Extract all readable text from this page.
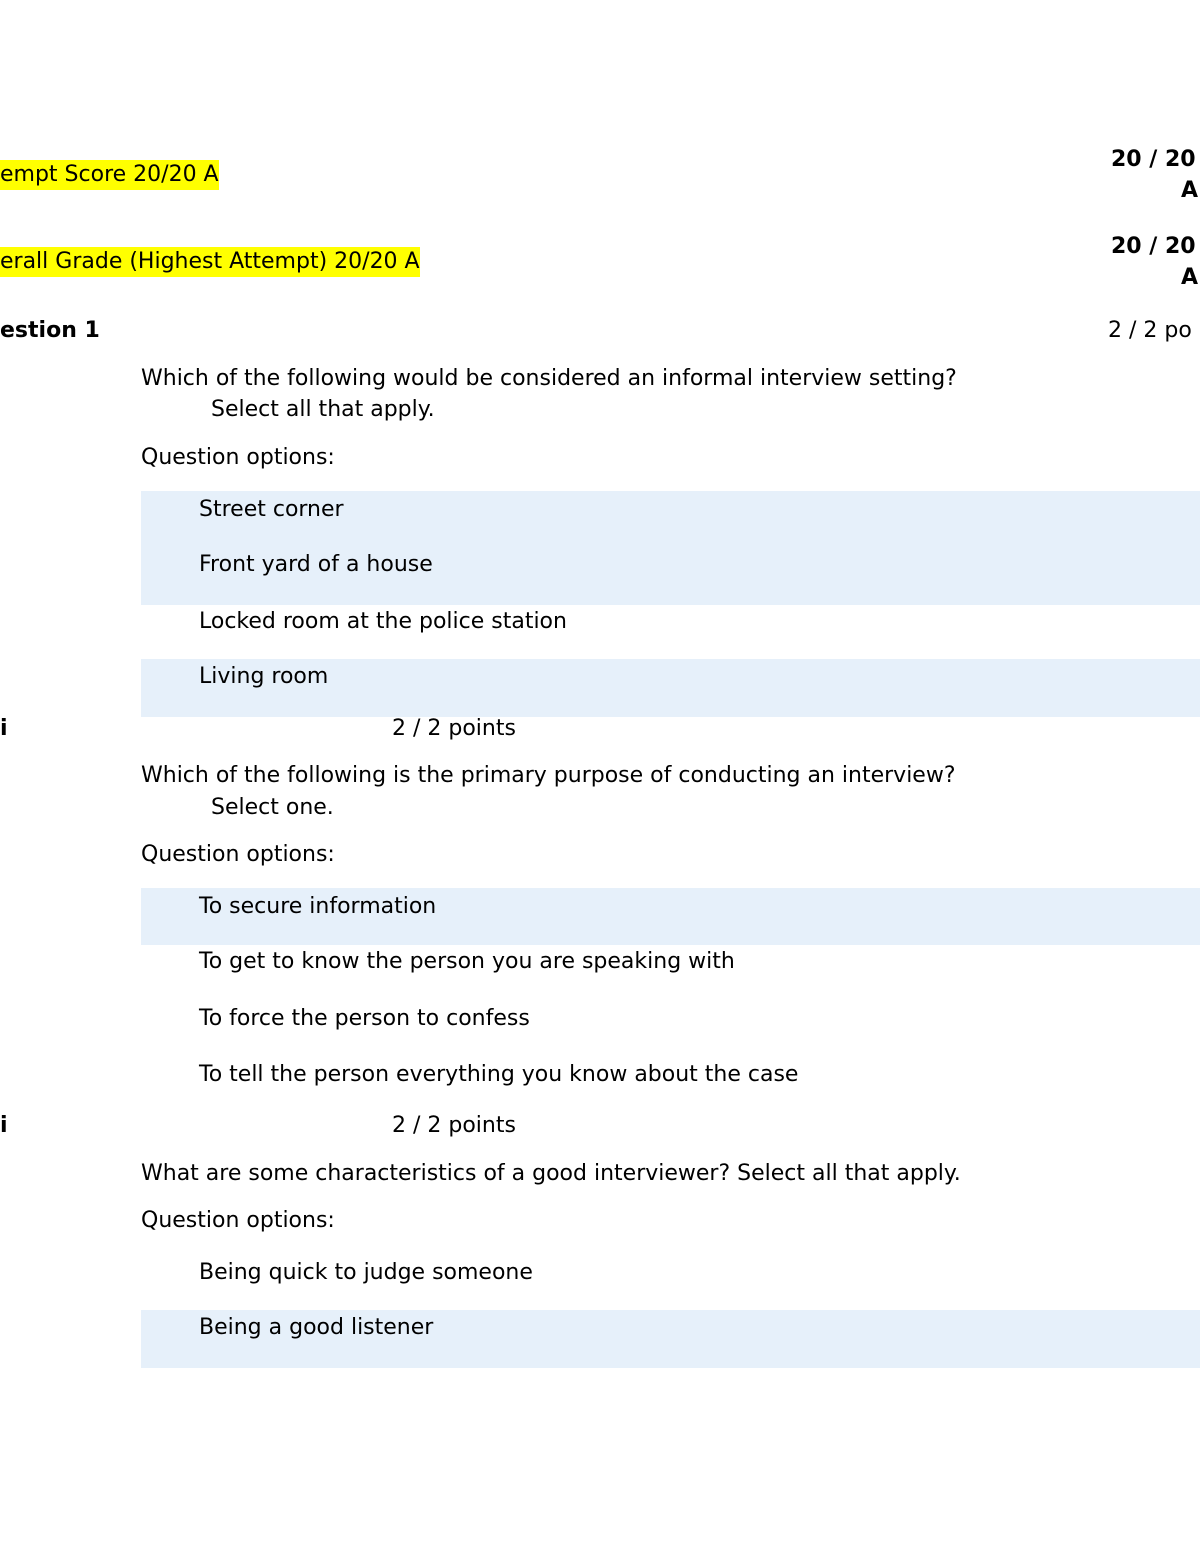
empt Score 20/20 A
20 / 20
A
erall Grade (Highest Attempt) 20/20 A
20 / 20
A
estion 1	2 / 2 po
Which of the following would be considered an informal interview setting?
Select all that apply.
Question options:
Street corner
Front yard of a house
Locked room at the police station
Living room
i	2 / 2 points
Which of the following is the primary purpose of conducting an interview?
Select one.
Question options:
To secure information
To get to know the person you are speaking with
To force the person to confess
To tell the person everything you know about the case
i	2 / 2 points
What are some characteristics of a good interviewer? Select all that apply.
Question options:
Being quick to judge someone
Being a good listener
